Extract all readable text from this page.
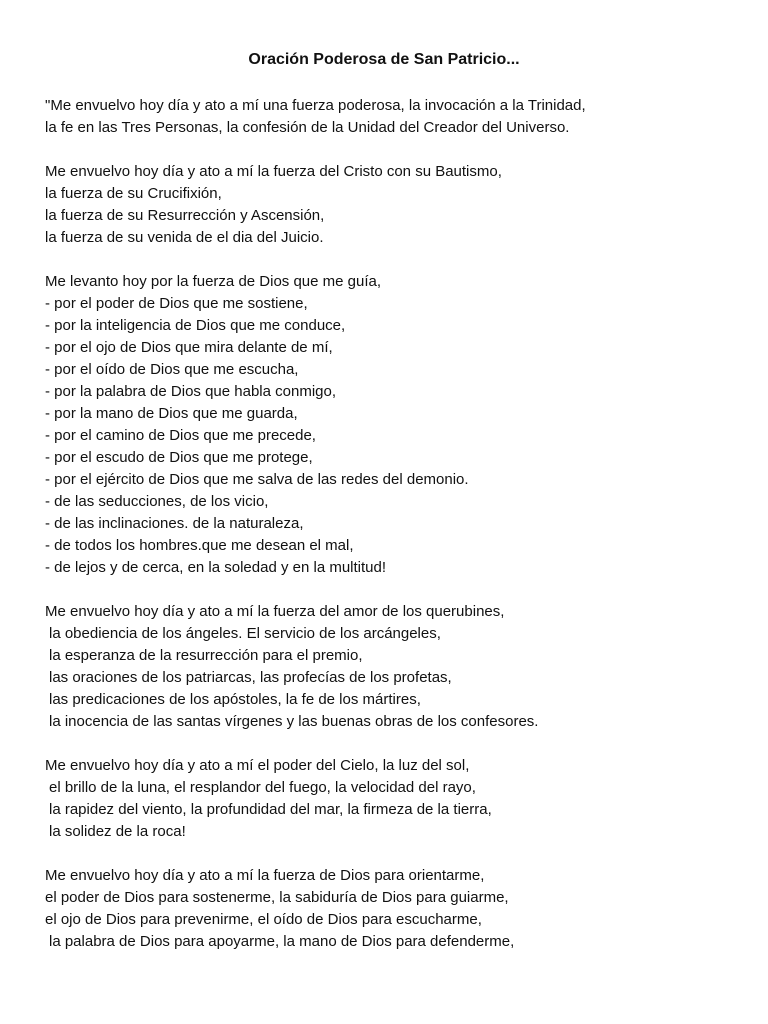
Oración Poderosa de San Patricio...
"Me envuelvo hoy día y ato a mí una fuerza poderosa, la invocación a la Trinidad,
la fe en las Tres Personas, la confesión de la Unidad del Creador del Universo.
Me envuelvo hoy día y ato a mí la fuerza del Cristo con su Bautismo,
la fuerza de su Crucifixión,
la fuerza de su Resurrección y Ascensión,
la fuerza de su venida de el dia del Juicio.
Me levanto hoy por la fuerza de Dios que me guía,
- por el poder de Dios que me sostiene,
- por la inteligencia de Dios que me conduce,
- por el ojo de Dios que mira delante de mí,
- por el oído de Dios que me escucha,
- por la palabra de Dios que habla conmigo,
- por la mano de Dios que me guarda,
- por el camino de Dios que me precede,
- por el escudo de Dios que me protege,
- por el ejército de Dios que me salva de las redes del demonio.
- de las seducciones, de los vicio,
- de las inclinaciones. de la naturaleza,
- de todos los hombres.que me desean el mal,
- de lejos y de cerca, en la soledad y en la multitud!
Me envuelvo hoy día y ato a mí la fuerza del amor de los querubines,
la obediencia de los ángeles. El servicio de los arcángeles,
la esperanza de la resurrección para el premio,
las oraciones de los patriarcas, las profecías de los profetas,
las predicaciones de los apóstoles, la fe de los mártires,
la inocencia de las santas vírgenes y las buenas obras de los confesores.
Me envuelvo hoy día y ato a mí el poder del Cielo, la luz del sol,
el brillo de la luna, el resplandor del fuego, la velocidad del rayo,
la rapidez del viento, la profundidad del mar, la firmeza de la tierra,
la solidez de la roca!
Me envuelvo hoy día y ato a mí la fuerza de Dios para orientarme,
el poder de Dios para sostenerme, la sabiduría de Dios para guiarme,
el ojo de Dios para prevenirme, el oído de Dios para escucharme,
la palabra de Dios para apoyarme, la mano de Dios para defenderme,
